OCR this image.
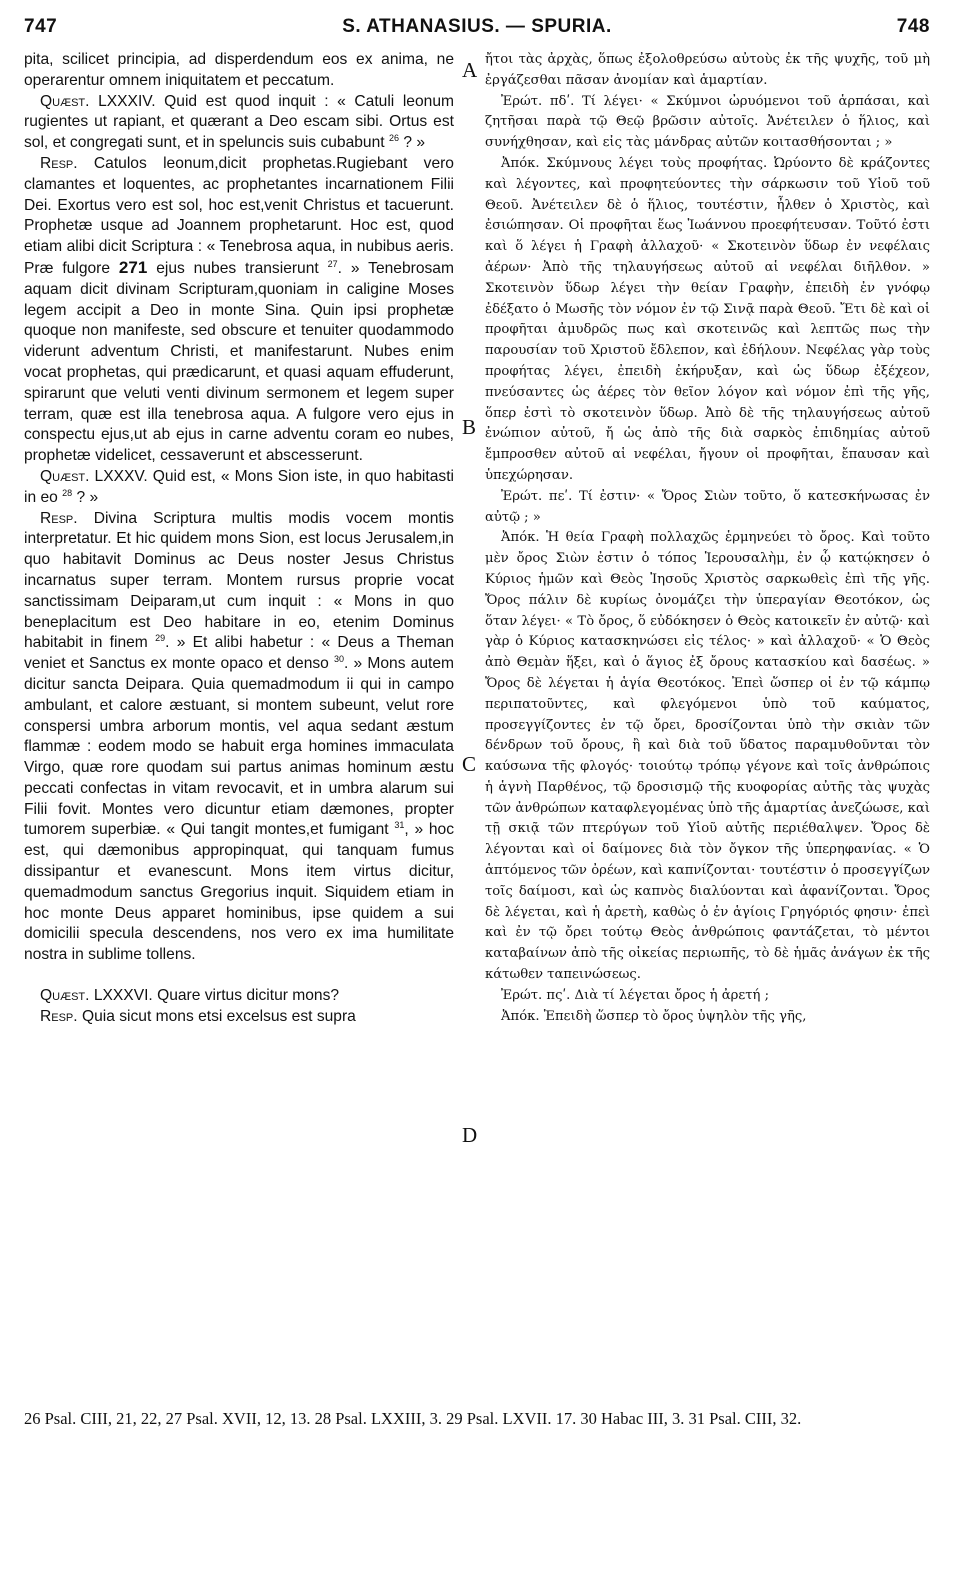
747	S. ATHANASIUS. — SPURIA.	748
A
B
C
D

pita, scilicet principia, ad disperdendum eos ex anima, ne operarentur omnem iniquitatem et peccatum.

Quæst. LXXXIV. Quid est quod inquit : « Catuli leonum rugientes ut rapiant, et quærant a Deo escam sibi. Ortus est sol, et congregati sunt, et in speluncis suis cubabunt $^{26}$ ? »

Resp. Catulos leonum,dicit prophetas.Rugiebant vero clamantes et loquentes, ac prophetantes incarnationem Filii Dei. Exortus vero est sol, hoc est,venit Christus et tacuerunt. Prophetæ usque ad Joannem prophetarunt. Hoc est, quod etiam alibi dicit Scriptura : « Tenebrosa aqua, in nubibus aeris. Præ fulgore 271 ejus nubes transierunt $^{27}$. » Tenebrosam aquam dicit divinam Scripturam,quoniam in caligine Moses legem accipit a Deo in monte Sina. Quin ipsi prophetæ quoque non manifeste, sed obscure et tenuiter quodammodo viderunt adventum Christi, et manifestarunt. Nubes enim vocat prophetas, qui prædicarunt, et quasi aquam effuderunt, spirarunt que veluti venti divinum sermonem et legem super terram, quæ est illa tenebrosa aqua. A fulgore vero ejus in conspectu ejus,ut ab ejus in carne adventu coram eo nubes, prophetæ videlicet, cessaverunt et abscesserunt.

Quæst. LXXXV. Quid est, « Mons Sion iste, in quo habitasti in eo $^{28}$ ? »

Resp. Divina Scriptura multis modis vocem montis interpretatur. Et hic quidem mons Sion, est locus Jerusalem,in quo habitavit Dominus ac Deus noster Jesus Christus incarnatus super terram. Montem rursus proprie vocat sanctissimam Deiparam,ut cum inquit : « Mons in quo beneplacitum est Deo habitare in eo, etenim Dominus habitabit in finem $^{29}$. » Et alibi habetur : « Deus a Theman veniet et Sanctus ex monte opaco et denso $^{30}$. » Mons autem dicitur sancta Deipara. Quia quemadmodum ii qui in campo ambulant, et calore æstuant, si montem subeunt, velut rore conspersi umbra arborum montis, vel aqua sedant æstum flammæ : eodem modo se habuit erga homines immaculata Virgo, quæ rore quodam sui partus animas hominum æstu peccati confectas in vitam revocavit, et in umbra alarum sui Filii fovit. Montes vero dicuntur etiam dæmones, propter tumorem superbiæ. « Qui tangit montes,et fumigant $^{31}$, » hoc est, qui dæmonibus appropinquat, qui tanquam fumus dissipantur et evanescunt. Mons item virtus dicitur, quemadmodum sanctus Gregorius inquit. Siquidem etiam in hoc monte Deus apparet hominibus, ipse quidem a sui domicilii specula descendens, nos vero ex ima humilitate nostra in sublime tollens.

Quæst. LXXXVI. Quare virtus dicitur mons?

Resp. Quia sicut mons etsi excelsus est supra

ἤτοι τὰς ἀρχὰς, ὅπως ἐξολοθρεύσω αὐτοὺς ἐκ τῆς ψυχῆς, τοῦ μὴ ἐργάζεσθαι πᾶσαν ἀνομίαν καὶ ἁμαρτίαν.

Ἐρώτ. πδʹ. Τί λέγει· « Σκύμνοι ὠρυόμενοι τοῦ ἁρπάσαι, καὶ ζητῆσαι παρὰ τῷ Θεῷ βρῶσιν αὐτοῖς. Ἀνέτειλεν ὁ ἥλιος, καὶ συνήχθησαν, καὶ εἰς τὰς μάνδρας αὐτῶν κοιτασθήσονται ; »

Ἀπόκ. Σκύμνους λέγει τοὺς προφήτας. Ὠρύοντο δὲ κράζοντες καὶ λέγοντες, καὶ προφητεύοντες τὴν σάρκωσιν τοῦ Υἱοῦ τοῦ Θεοῦ. Ἀνέτειλεν δὲ ὁ ἥλιος, τουτέστιν, ἦλθεν ὁ Χριστὸς, καὶ ἐσιώπησαν. Οἱ προφῆται ἕως Ἰωάννου προεφήτευσαν. Τοῦτό ἐστι καὶ ὅ λέγει ἡ Γραφὴ ἀλλαχοῦ· « Σκοτεινὸν ὕδωρ ἐν νεφέλαις ἀέρων· Ἀπὸ τῆς τηλαυγήσεως αὐτοῦ αἱ νεφέλαι διῆλθον. » Σκοτεινὸν ὕδωρ λέγει τὴν θείαν Γραφὴν, ἐπειδὴ ἐν γνόφῳ ἐδέξατο ὁ Μωσῆς τὸν νόμον ἐν τῷ Σινᾷ παρὰ Θεοῦ. Ἔτι δὲ καὶ οἱ προφῆται ἀμυδρῶς πως καὶ σκοτεινῶς καὶ λεπτῶς πως τὴν παρουσίαν τοῦ Χριστοῦ ἔδλεπον, καὶ ἐδήλουν. Νεφέλας γὰρ τοὺς προφήτας λέγει, ἐπειδὴ ἐκήρυξαν, καὶ ὡς ὕδωρ ἐξέχεον, πνεύσαντες ὡς ἀέρες τὸν θεῖον λόγον καὶ νόμον ἐπὶ τῆς γῆς, ὅπερ ἐστὶ τὸ σκοτεινὸν ὕδωρ. Ἀπὸ δὲ τῆς τηλαυγήσεως αὐτοῦ ἐνώπιον αὐτοῦ, ἤ ὡς ἀπὸ τῆς διὰ σαρκὸς ἐπιδημίας αὐτοῦ ἔμπροσθεν αὐτοῦ αἱ νεφέλαι, ἤγουν οἱ προφῆται, ἔπαυσαν καὶ ὑπεχώρησαν.

Ἐρώτ. πεʹ. Τί ἐστιν· « Ὄρος Σιὼν τοῦτο, ὅ κατεσκήνωσας ἐν αὐτῷ ; »

Ἀπόκ. Ἡ θεία Γραφὴ πολλαχῶς ἑρμηνεύει τὸ ὄρος. Καὶ τοῦτο μὲν ὄρος Σιὼν ἐστιν ὁ τόπος Ἱερουσαλὴμ, ἐν ᾧ κατῴκησεν ὁ Κύριος ἡμῶν καὶ Θεὸς Ἰησοῦς Χριστὸς σαρκωθεὶς ἐπὶ τῆς γῆς. Ὄρος πάλιν δὲ κυρίως ὀνομάζει τὴν ὑπεραγίαν Θεοτόκον, ὡς ὅταν λέγει· « Τὸ ὄρος, ὅ εὐδόκησεν ὁ Θεὸς κατοικεῖν ἐν αὐτῷ· καὶ γὰρ ὁ Κύριος κατασκηνώσει εἰς τέλος· » καὶ ἀλλαχοῦ· « Ὁ Θεὸς ἀπὸ Θεμὰν ἥξει, καὶ ὁ ἅγιος ἐξ ὄρους κατασκίου καὶ δασέως. » Ὄρος δὲ λέγεται ἡ ἁγία Θεοτόκος. Ἐπεὶ ὥσπερ οἱ ἐν τῷ κάμπῳ περιπατοῦντες, καὶ φλεγόμενοι ὑπὸ τοῦ καύματος, προσεγγίζοντες ἐν τῷ ὄρει, δροσίζονται ὑπὸ τὴν σκιὰν τῶν δένδρων τοῦ ὄρους, ἢ καὶ διὰ τοῦ ὕδατος παραμυθοῦνται τὸν καύσωνα τῆς φλογός· τοιούτῳ τρόπῳ γέγονε καὶ τοῖς ἀνθρώποις ἡ ἁγνὴ Παρθένος, τῷ δροσισμῷ τῆς κυοφορίας αὐτῆς τὰς ψυχὰς τῶν ἀνθρώπων καταφλεγομένας ὑπὸ τῆς ἁμαρτίας ἀνεζώωσε, καὶ τῇ σκιᾷ τῶν πτερύγων τοῦ Υἱοῦ αὐτῆς περιέθαλψεν. Ὄρος δὲ λέγονται καὶ οἱ δαίμονες διὰ τὸν ὄγκον τῆς ὑπερηφανίας. « Ὁ ἁπτόμενος τῶν ὀρέων, καὶ καπνίζονται· τουτέστιν ὁ προσεγγίζων τοῖς δαίμοσι, καὶ ὡς καπνὸς διαλύονται καὶ ἀφανίζονται. Ὄρος δὲ λέγεται, καὶ ἡ ἀρετὴ, καθὼς ὁ ἐν ἁγίοις Γρηγόριός φησιν· ἐπεὶ καὶ ἐν τῷ ὄρει τούτῳ Θεὸς ἀνθρώποις φαντάζεται, τὸ μέντοι καταβαίνων ἀπὸ τῆς οἰκείας περιωπῆς, τὸ δὲ ἡμᾶς ἀνάγων ἐκ τῆς κάτωθεν ταπεινώσεως.

Ἐρώτ. πςʹ. Διὰ τί λέγεται ὄρος ἡ ἀρετή ;

Ἀπόκ. Ἐπειδὴ ὥσπερ τὸ ὄρος ὑψηλὸν τῆς γῆς,

26 Psal. CIII, 21, 22, 27 Psal. XVII, 12, 13. 28 Psal. LXXIII, 3. 29 Psal. LXVII. 17. 30 Habac III, 3. 31 Psal. CIII, 32.
